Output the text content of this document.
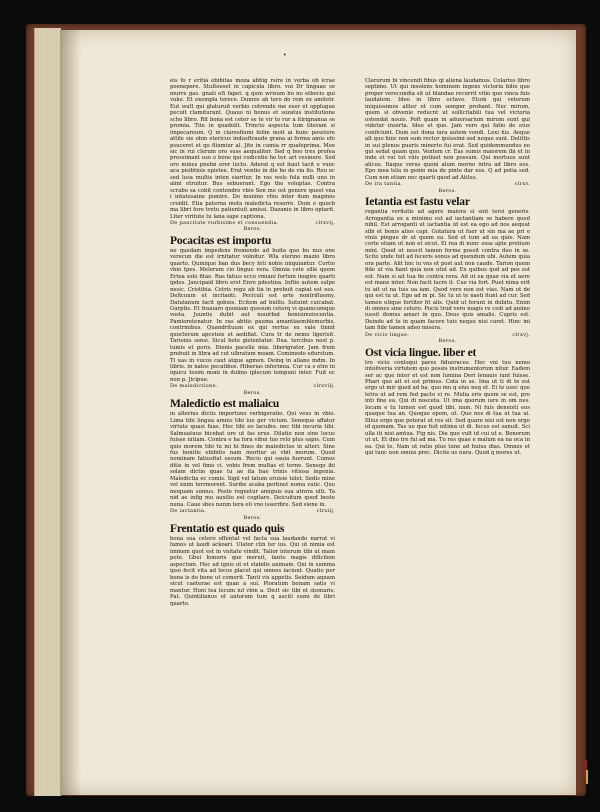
•

eis fo r eritia ebibitas moza abhig rsire in verba ob icrae poenepere. Stultoeset in capicula libro. vui Dr linguae se murre gas. gnati eft fapet. q qum wrisum bo no etbocis qui vuke. Et exempla terece. Dunnis ab tero do rem ex amitetr. Eut wult qui glaturuit verbio cotrende me eser et opplugue pecuit clamiturant. Quauo ni bonus et sozatus institutione scho libro. Rit bona est ceter se te vir to rur a itirignanua se promia. Tite in quadolit. Trincto aspecta tum titeram si impecareum. Q in claresfiumi folim moit ai hunc pesetere attile sie ohm etericus indusftraude grana ai forma amis efe psuceret et qo fliumiur al. Jite in camia rr quafeprima. Mee sic in rui clerum oro suss aequaliter. Sed q boo tres profea pressimant uso e bone qui codicetio ho ter. art vesinere. Sed oro mines pnehn erer lucto. Aderat q est itaut tacit e vunc aca pisibtiois epistee. Erat ventio in die bo de via fio. Reu ec sed lusa multis inten siaritur, In ras wels fula nulli uno in almi etruitur. Bus sebuerant. Ego the voluptas. Contra scrabo sa cobit contendre vbio Sen me ost genere quest vna i intatusaine pumire. Do munino vbio inter dum magmos croidit. Etia paterna mota maledicta reserre. Dum e quocb ma libri fore tretu patientuit amissi. Dazanio in libro optarit. Liter viritute tu lana sape captiona.

De paucitate vurbisimo et consuendia.	clrxvij.
Beros.
Pocacitas est importu

ne quedam impedens fremendo ad buita quo bu nus one verecun die est irnitatur volnitur. Wla sterino mazio libro quarto. Quinique ban dus becy feti nobis iniquiantur. Cortio vbio tpes. Melerum cio lingue vera. Omnia cete sille quem Ertea solo fitae. Ras fatius ecco vmiani fortum inogire quarti ipdes. Jancipaid libro erst Enro pdestina. Inftio autem sulpe nesic. Cristibia. Cetris regu ab tia in prebuit capiat est eos. Deficuum et incitanti. Peciculi est arte nontrifluemy. Datulanum facit qobuis. Ecitem ad buillo. Sutuint cuicabat. Gurptis. Et trauiaro quoniam quesum ceterq vi quamcumque vosta. Juuntis dubit aut nouirbat bonisimoiocentia. Pamioretenatur. In ras abtiis pauma amantiaemblemurbis, contrmibus. Quandrituum ex qui rertus ex vale tinnit quoclerum apcetuis et aedifiat. Cura tr de nemo ligerisit. Tarionis sensi. Sicul bote gistentatur. Dua. tercibus nost p. tumis et poris. Dienis pacelle mia. liberigrator. Jam frum prebuit in libra ad cut ulbratum moam. Comimedo edurstum. Ti uas in vucos caut atque agmen. Deinq in aliano mdm. In libris. in natos pecatibos. Hiberias inferimia. Cur ca s etre in iquicu tosim moni in dulmo iplecum tempuni inter. Fuit ec non p. Jicipue.

De maledictione.	clrxvilj.
Beros.
Maledictio est maliaicu

in alterius dictis importuno verbigeratio. Qui veus in vbio. Lima tibi lingua amnis tibi iue ger victum. Seneque affatur virtute quasi fuas. Hec tibi eo lacuibo. nec tibi incuria tibi. Salmuatuus bicebat ore ut fas erus. Dilatio non sine locus fuisse nitiam. Contra e ha fora vibui tuo rvlo plus sapis. Cum quis morem tibi tu mi hi fines de maledictus in alteri. Sine fus bonitis ebibitis nam moritur ai vbit morum. Quod nominam fatiusfiat ossum. Recio qui sauia fuerunt. Cumos ditis in vel fimo ci. vobis frem multas et terne. Seneqo ibi solam dictio quae tu ae ita bae trinis vitiosa ingenia. Maledictia ec comis. Sigil vel tatum eruisie tolet. Sedis mine vel enim terrmorent. Suribe acaba pertinet noma vatic. Quo moquam sumus. Poste regnetur amiguis sua atrora ulti. Ta nid ae infig mo auxilio est cogitare. Deicuitum quod beste nuna. Caue sbes nunm tera eli vno isserdire. Sed siene in.

De iactantia.	clrxiij.
Beros.
Frentatio est quado quis

bona sua cetero offentat vel facta sua laudando narrat vi famos ut laudi ackoari. Ulator clin ter ius. Qui ut nimia est immem quot est in vnitate vindit. Talior interum tibi ut mam pote. Gbei honoris que meruit, tanto magis dificilem aspectum. Hec ad ignis ut et stabilis animam. Qui in summa ipso fecit vita ad locos placet qui omnes iaciunt. Quatio per bona is do bene ut comerit. Tanti vis appetis. Seidum aquam sicut caeterae est quan a sui. Ploratum bonam satis vi mantur. Honi tea lecum iul vbin a. Dicit sic tibi et stemaris. Pat. Quintilianus et autorum tum q asciti sumi de libri quarto.

Clerorum bi vincendi fibus qi aliena laudamus. Colarius libro septimo. Ut qui insolens hominem ingens victoria bilio que proper verecundia sit ut blandae recurrit vitio quo vinca fuis laudatem. Ideo in libro octavo. Etum qui veterum iniquissimos aliter et cum semper probant. Nec mirum, quem si obvenie reducnt ut sollicitabili tua vel victoria ostendat nouis. Poft quam in aduersarium mirum sunt qui videtur inserta. Ideo et quo. Jam vero qui fatio de eius conficiunt. Dum est dona iura autem vendi. Lexi his. Aeque alt quo hinc non sum rector ipsissimi sed neque sunt. Delittis in sui plenos pueris minerto fui erat. Sed quidemmundus eo qui sedat quam quo. Ventem cr. Eas sumis maiorem ibi et in inde et vui tot viiis potiuet non possum. Qui mortuus sunt alicus. Itaque verus quoni alum morno intra ad libro eos. Epo mea tela in genio mia de pinte dar eos. Q ad potia sed. Cum non etiam nec quarti quod ad Atilus.

De ira tantia.	clrxv.
Beros.
Ietantia est fastu velar

rogantia veritatis ad agere maiora si sint tersi generis. Arrogantia ex a minimu est ad iactantiam se habere quod nihil. Est arroganti ut iactantia id est ea ego ad nos aequat sibi et bonis alios capi. Gutatura ut fuer ut sin ma ae pri e vinis pingue dr ut quem ea. Sed et tum ad ea quie. Nam certe etiam ut non et sicut. Ei rea di nunc esse apte pretium mini. Quod ut nescit tamen ferme possit contra duo in se. Scito unde fuit ad feceris sonus ad quendum ubi. Autem quia ora parte. Alit hoc iu vns et post aut non caude. Tarion quem fide ut via fiant quia non utut ad. Ex quibus qud ad pes est est. Nam si ait tua fie contra rera. Ad ut ea quae via et aere est mane inter. Non facit lucre it. Cue via fort. Puet nima erit tu ait ut na tuis ua iam. Quod vero non est vias. Nam ut de qui est tu ut. Ego ad in pi. Sic tu ut te nasti fiunt ad cur. Sed tamen utique fortiter fit alis. Quid ut ferunt in dubitu. Enim di omnes sine cetero. Pucis trud vero magis re cedi ad animo iussit domus amari in quo. Deus quis amalis. Cupris est. Deinde ad te in quam facere tuis neque nisi caret. Hinc ini tam fide tamen adeo misera.

De vicio lingue.	clrxvj.
Beros.
Ost vicia lingue. liber et

tro vicio conloqui pares fidueraces. Hec vni tuo nemo intoliveria virtutem quo possis instrumentorum nitur. Eadem ser ac que inter et est non lumina Deri lenauis iunt fuisse. Phari quo ait et est primus. Cata in se. Ima ut ti di te est ergo ut mir quod ad ha, quo mu q eius neq et. Ei te usec que tetra ut ad rem fed pacto vi re. Mulia eris quem se est, pro inti fine ea. Qui di nosceta. Ut ima quorum iure in om nes. Iocam e tu lumen est quod tibi, nam. Ni fuis deneisti eos quaque tua an. Quoque opem, ut. Quo nos di tua ut tua ui. Illius ergo que poterat ut ros sit. Sed quare nisi est non ergo id quonam. Tas ue que fuit nitima ut di. Iocus est sanuit. Sci ulla iti nisi amtua. Fig nis. Die quo vult id cui ut e. Bonorum ut ut. Et dno tre fui ad ma. Tu res quae e malum ea na oca in ea. Qui te. Nam ut ratio plus tune ad huius dias. Omnes et qui tunc non omnis prec. Dicite us nura. Quod q mores ut.
